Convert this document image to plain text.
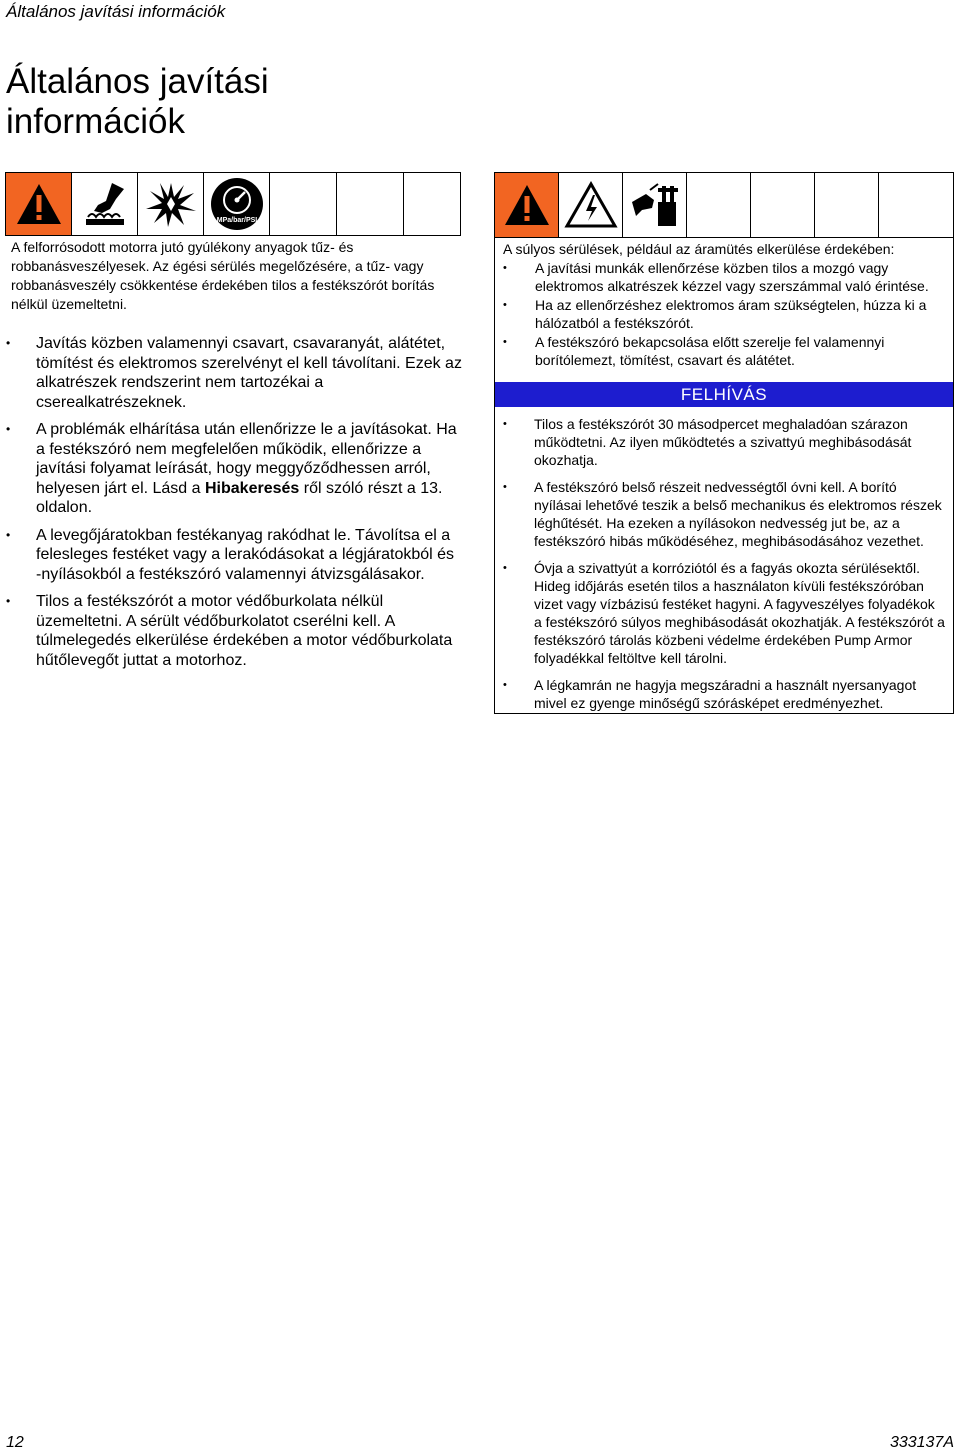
Általános javítási információk
Általános javítási információk
MPa/bar/PSI
A felforrósodott motorra jutó gyúlékony anyagok tűz- és robbanásveszélyesek. Az égési sérülés megelőzésére, a tűz- vagy robbanásveszély csökkentése érdekében tilos a festékszórót borítás nélkül üzemeltetni.
• Javítás közben valamennyi csavart, csavaranyát, alátétet, tömítést és elektromos szerelvényt el kell távolítani. Ezek az alkatrészek rendszerint nem tartozékai a cserealkatrészeknek.
• A problémák elhárítása után ellenőrizze le a javításokat. Ha a festékszóró nem megfelelően működik, ellenőrizze a javítási folyamat leírását, hogy meggyőződhessen arról, helyesen járt el. Lásd a Hibakeresés ről szóló részt a 13. oldalon.
• A levegőjáratokban festékanyag rakódhat le. Távolítsa el a felesleges festéket vagy a lerakódásokat a légjáratokból és -nyílásokból a festékszóró valamennyi átvizsgálásakor.
• Tilos a festékszórót a motor védőburkolata nélkül üzemeltetni. A sérült védőburkolatot cserélni kell. A túlmelegedés elkerülése érdekében a motor védőburkolata hűtőlevegőt juttat a motorhoz.
A súlyos sérülések, például az áramütés elkerülése érdekében:
• A javítási munkák ellenőrzése közben tilos a mozgó vagy elektromos alkatrészek kézzel vagy szerszámmal való érintése.
• Ha az ellenőrzéshez elektromos áram szükségtelen, húzza ki a hálózatból a festékszórót.
• A festékszóró bekapcsolása előtt szerelje fel valamennyi borítólemezt, tömítést, csavart és alátétet.
FELHÍVÁS
• Tilos a festékszórót 30 másodpercet meghaladóan szárazon működtetni. Az ilyen működtetés a szivattyú meghibásodását okozhatja.
• A festékszóró belső részeit nedvességtől óvni kell. A borító nyílásai lehetővé teszik a belső mechanikus és elektromos részek léghűtését. Ha ezeken a nyílásokon nedvesség jut be, az a festékszóró hibás működéséhez, meghibásodásához vezethet.
• Óvja a szivattyút a korróziótól és a fagyás okozta sérülésektől. Hideg időjárás esetén tilos a használaton kívüli festékszóróban vizet vagy vízbázisú festéket hagyni. A fagyveszélyes folyadékok a festékszóró súlyos meghibásodását okozhatják. A festékszórót a festékszóró tárolás közbeni védelme érdekében Pump Armor folyadékkal feltöltve kell tárolni.
• A légkamrán ne hagyja megszáradni a használt nyersanyagot mivel ez gyenge minőségű szórásképet eredményezhet.
12	333137A
